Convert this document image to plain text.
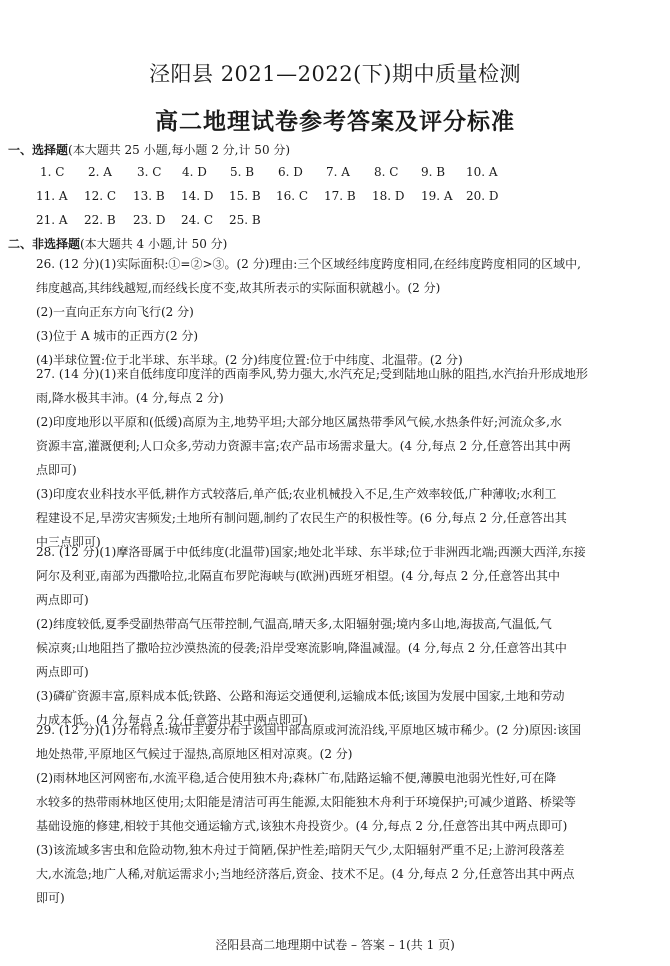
泾阳县 2021—2022(下)期中质量检测
高二地理试卷参考答案及评分标准
一、选择题(本大题共 25 小题,每小题 2 分,计 50 分)
1. C 2. A 3. C 4. D 5. B 6. D 7. A 8. C 9. B 10. A
11. A 12. C 13. B 14. D 15. B 16. C 17. B 18. D 19. A 20. D
21. A 22. B 23. D 24. C 25. B
二、非选择题(本大题共 4 小题,计 50 分)
26. (12 分)(1)实际面积:①=②>③。(2 分)理由:三个区域经纬度跨度相同,在经纬度跨度相同的区域中,
纬度越高,其纬线越短,而经线长度不变,故其所表示的实际面积就越小。(2 分)
(2)一直向正东方向飞行(2 分)
(3)位于 A 城市的正西方(2 分)
(4)半球位置:位于北半球、东半球。(2 分)纬度位置:位于中纬度、北温带。(2 分)
27. (14 分)(1)来自低纬度印度洋的西南季风,势力强大,水汽充足;受到陆地山脉的阻挡,水汽抬升形成地形
雨,降水极其丰沛。(4 分,每点 2 分)
(2)印度地形以平原和(低缓)高原为主,地势平坦;大部分地区属热带季风气候,水热条件好;河流众多,水
资源丰富,灌溉便利;人口众多,劳动力资源丰富;农产品市场需求量大。(4 分,每点 2 分,任意答出其中两
点即可)
(3)印度农业科技水平低,耕作方式较落后,单产低;农业机械投入不足,生产效率较低,广种薄收;水利工
程建设不足,旱涝灾害频发;土地所有制问题,制约了农民生产的积极性等。(6 分,每点 2 分,任意答出其
中三点即可)
28. (12 分)(1)摩洛哥属于中低纬度(北温带)国家;地处北半球、东半球;位于非洲西北端;西濒大西洋,东接
阿尔及利亚,南部为西撒哈拉,北隔直布罗陀海峡与(欧洲)西班牙相望。(4 分,每点 2 分,任意答出其中
两点即可)
(2)纬度较低,夏季受副热带高气压带控制,气温高,晴天多,太阳辐射强;境内多山地,海拔高,气温低,气
候凉爽;山地阻挡了撒哈拉沙漠热流的侵袭;沿岸受寒流影响,降温减湿。(4 分,每点 2 分,任意答出其中
两点即可)
(3)磷矿资源丰富,原料成本低;铁路、公路和海运交通便利,运输成本低;该国为发展中国家,土地和劳动
力成本低。(4 分,每点 2 分,任意答出其中两点即可)
29. (12 分)(1)分布特点:城市主要分布于该国中部高原或河流沿线,平原地区城市稀少。(2 分)原因:该国
地处热带,平原地区气候过于湿热,高原地区相对凉爽。(2 分)
(2)雨林地区河网密布,水流平稳,适合使用独木舟;森林广布,陆路运输不便,薄膜电池弱光性好,可在降
水较多的热带雨林地区使用;太阳能是清洁可再生能源,太阳能独木舟利于环境保护;可减少道路、桥梁等
基础设施的修建,相较于其他交通运输方式,该独木舟投资少。(4 分,每点 2 分,任意答出其中两点即可)
(3)该流域多害虫和危险动物,独木舟过于简陋,保护性差;暗阴天气少,太阳辐射严重不足;上游河段落差
大,水流急;地广人稀,对航运需求小;当地经济落后,资金、技术不足。(4 分,每点 2 分,任意答出其中两点
即可)
泾阳县高二地理期中试卷 – 答案 – 1(共 1 页)
